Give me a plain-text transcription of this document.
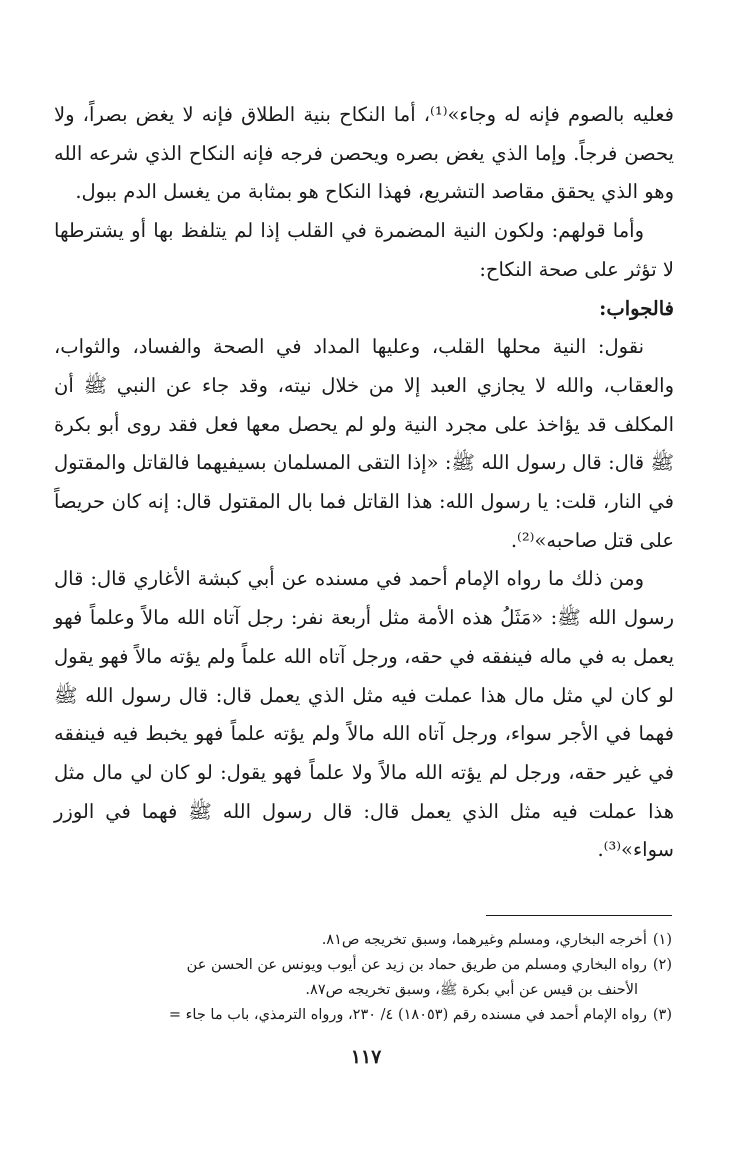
فعليه بالصوم فإنه له وجاء»⁽¹⁾، أما النكاح بنية الطلاق فإنه لا يغض بصراً، ولا يحصن فرجاً. وإما الذي يغض بصره ويحصن فرجه فإنه النكاح الذي شرعه الله وهو الذي يحقق مقاصد التشريع، فهذا النكاح هو بمثابة من يغسل الدم ببول.

وأما قولهم: ولكون النية المضمرة في القلب إذا لم يتلفظ بها أو يشترطها لا تؤثر على صحة النكاح:

فالجواب:

نقول: النية محلها القلب، وعليها المداد في الصحة والفساد، والثواب، والعقاب، والله لا يجازي العبد إلا من خلال نيته، وقد جاء عن النبي ﷺ أن المكلف قد يؤاخذ على مجرد النية ولو لم يحصل معها فعل فقد روى أبو بكرة ﷺ قال: قال رسول الله ﷺ: «إذا التقى المسلمان بسيفيهما فالقاتل والمقتول في النار، قلت: يا رسول الله: هذا القاتل فما بال المقتول قال: إنه كان حريصاً على قتل صاحبه»⁽²⁾.

ومن ذلك ما رواه الإمام أحمد في مسنده عن أبي كبشة الأغاري قال: قال رسول الله ﷺ: «مَثَلُ هذه الأمة مثل أربعة نفر: رجل آتاه الله مالاً وعلماً فهو يعمل به في ماله فينفقه في حقه، ورجل آتاه الله علماً ولم يؤته مالاً فهو يقول لو كان لي مثل مال هذا عملت فيه مثل الذي يعمل قال: قال رسول الله ﷺ فهما في الأجر سواء، ورجل آتاه الله مالاً ولم يؤته علماً فهو يخبط فيه فينفقه في غير حقه، ورجل لم يؤته الله مالاً ولا علماً فهو يقول: لو كان لي مال مثل هذا عملت فيه مثل الذي يعمل قال: قال رسول الله ﷺ فهما في الوزر سواء»⁽³⁾.

(١)أخرجه البخاري، ومسلم وغيرهما، وسبق تخريجه ص٨١.

(٢)رواه البخاري ومسلم من طريق حماد بن زيد عن أيوب ويونس عن الحسن عن

الأحنف بن قيس عن أبي بكرة ﷺ، وسبق تخريجه ص٨٧.

(٣)رواه الإمام أحمد في مسنده رقم (١٨٠٥٣) ٤/ ٢٣٠، ورواه الترمذي، باب ما جاء =

١١٧
